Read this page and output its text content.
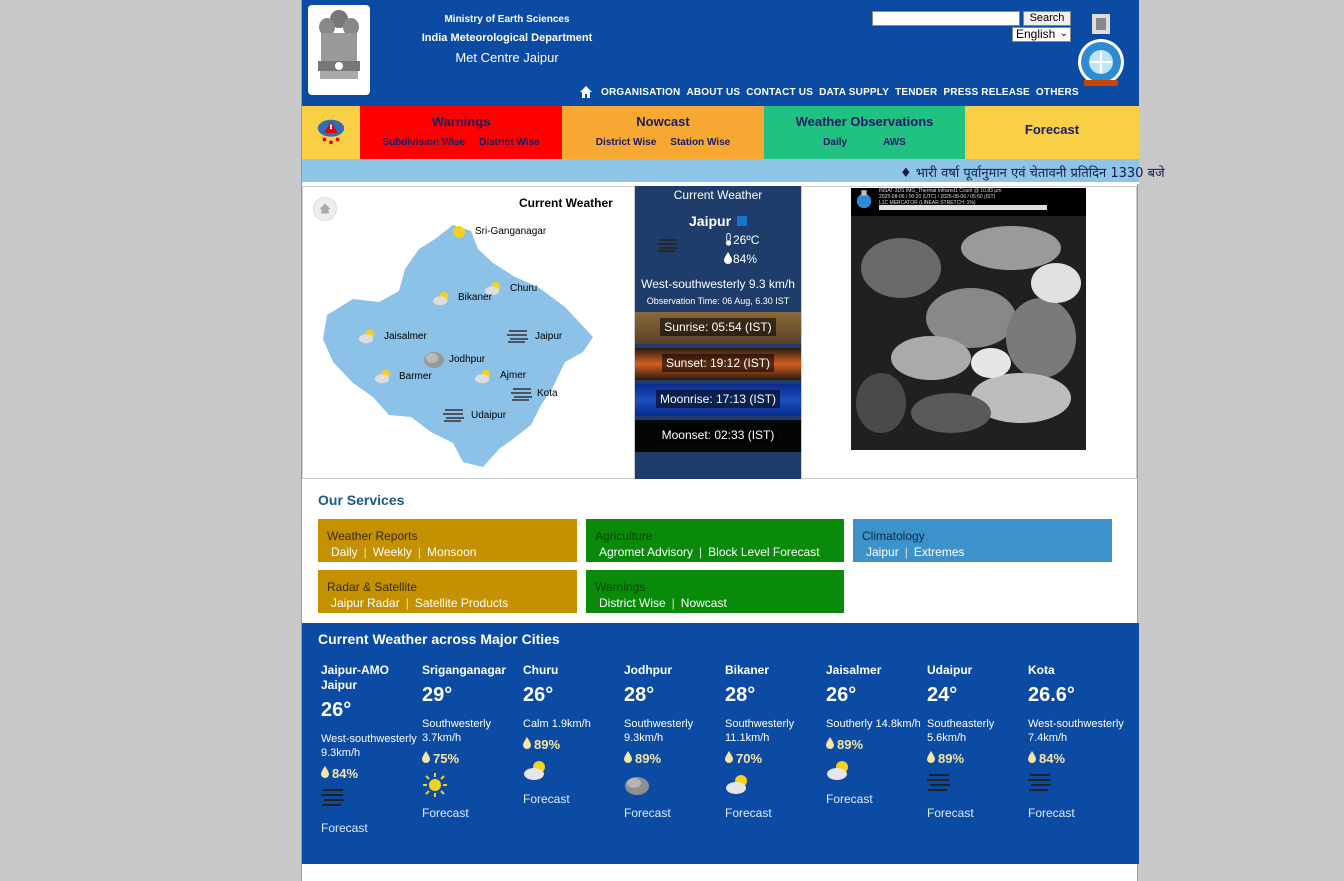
सत्यमेव जयते
Ministry of Earth Sciences
India Meteorological Department
Met Centre Jaipur
Search
English ⌄
ORGANISATION ABOUT US CONTACT US DATA SUPPLY TENDER PRESS RELEASE OTHERS
Warnings
Subdivision Wise District Wise
Nowcast
District Wise Station Wise
Weather Observations
Daily	AWS
Forecast
♦ भारी वर्षा पूर्वानुमान एवं चेतावनी प्रतिदिन 1330 बजे
Current Weather
Sri-Ganganagar
Churu
Bikaner
Jaisalmer	Jaipur
Jodhpur
Barmer	Ajmer
Kota
Udaipur
Current Weather
Jaipur
26ºC
84%
West-southwesterly 9.3 km/h
Observation Time: 06 Aug, 6.30 IST
Sunrise: 05:54 (IST)
Sunset: 19:12 (IST)
Moonrise: 17:13 (IST)
Moonset: 02:33 (IST)
INSAT-3DS IMG_Thermal Infrared1 Count @ 10.83 µm
2025-08-06 / 00:20 (UTC) / 2025-08-06 / 05:50 (IST)
L1C MERCATOR (LINEAR STRETCH: 1%)
Our Services
Weather Reports
Daily | Weekly | Monsoon
Agriculture
Agromet Advisory | Block Level Forecast
Climatology
Jaipur | Extremes
Radar & Satellite
Jaipur Radar | Satellite Products
Warnings
District Wise | Nowcast
Current Weather across Major Cities
Jaipur-AMO Jaipur
26°
West-southwesterly 9.3km/h
84%
Forecast
Sriganganagar
29°
Southwesterly 3.7km/h
75%
Forecast
Churu
26°
Calm 1.9km/h
89%
Forecast
Jodhpur
28°
Southwesterly 9.3km/h
89%
Forecast
Bikaner
28°
Southwesterly 11.1km/h
70%
Forecast
Jaisalmer
26°
Southerly 14.8km/h
89%
Forecast
Udaipur
24°
Southeasterly 5.6km/h
89%
Forecast
Kota
26.6°
West-southwesterly 7.4km/h
84%
Forecast
